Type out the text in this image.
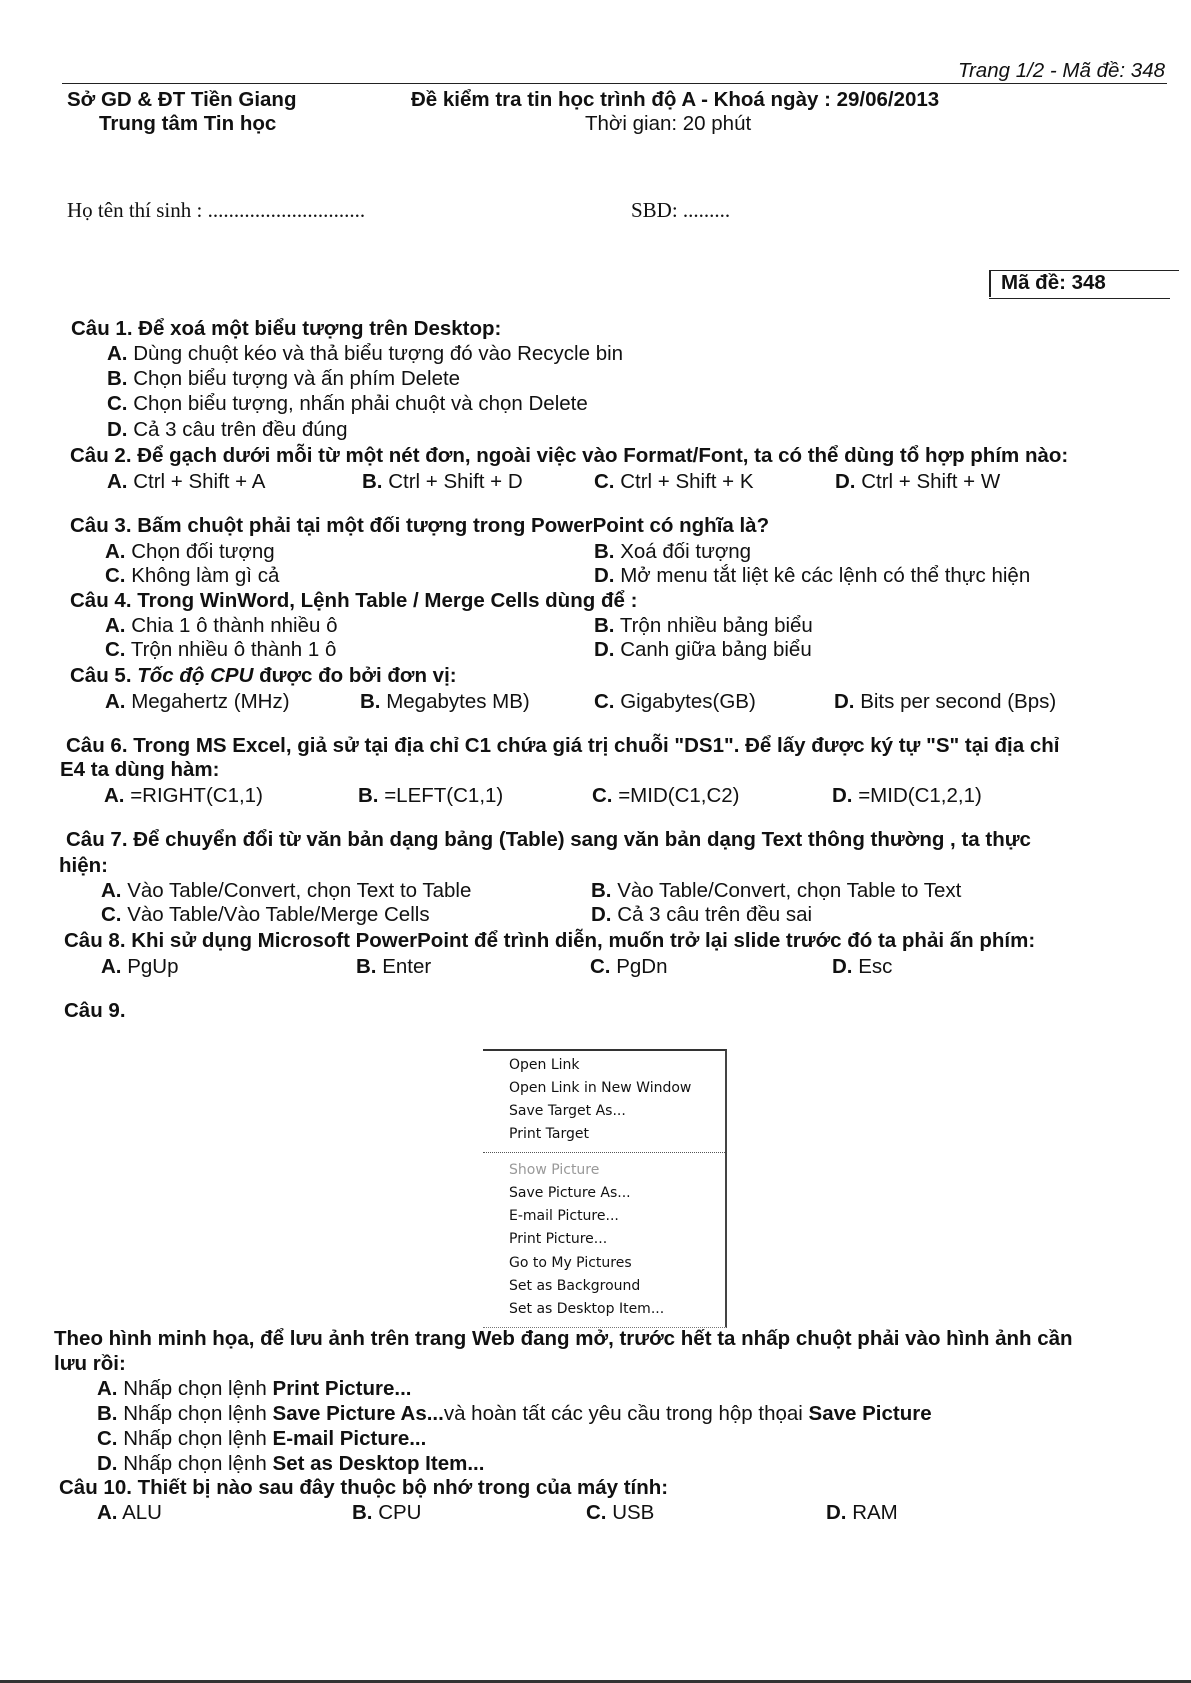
Trang 1/2 - Mã đề: 348
Sở GD & ĐT Tiền Giang
Trung tâm Tin học
Đề kiểm tra tin học trình độ A - Khoá ngày : 29/06/2013
Thời gian: 20 phút
Họ tên thí sinh : ..............................	SBD: .........
Mã đề: 348
Câu 1. Để xoá một biểu tượng trên Desktop:
A. Dùng chuột kéo và thả biểu tượng đó vào Recycle bin
B. Chọn biểu tượng và ấn phím Delete
C. Chọn biểu tượng, nhấn phải chuột và chọn Delete
D. Cả 3 câu trên đều đúng
Câu 2. Để gạch dưới mỗi từ một nét đơn, ngoài việc vào Format/Font, ta có thể dùng tổ hợp phím nào:
A. Ctrl + Shift + A	B. Ctrl + Shift + D	C. Ctrl + Shift + K	D. Ctrl + Shift + W
Câu 3. Bấm chuột phải tại một đối tượng trong PowerPoint có nghĩa là?
A. Chọn đối tượng	B. Xoá đối tượng
C. Không làm gì cả	D. Mở menu tắt liệt kê các lệnh có thể thực hiện
Câu 4. Trong WinWord, Lệnh Table / Merge Cells dùng để :
A. Chia 1 ô thành nhiều ô	B. Trộn nhiều bảng biểu
C. Trộn nhiều ô thành 1 ô	D. Canh giữa bảng biểu
Câu 5. Tốc độ CPU được đo bởi đơn vị:
A. Megahertz (MHz)	B. Megabytes MB)	C. Gigabytes(GB)	D. Bits per second (Bps)
Câu 6. Trong MS Excel, giả sử tại địa chỉ C1 chứa giá trị chuỗi "DS1". Để lấy được ký tự "S" tại địa chỉ
E4 ta dùng hàm:
A. =RIGHT(C1,1)	B. =LEFT(C1,1)	C. =MID(C1,C2)	D. =MID(C1,2,1)
Câu 7. Để chuyển đổi từ văn bản dạng bảng (Table) sang văn bản dạng Text thông thường , ta thực
hiện:
A. Vào Table/Convert, chọn Text to Table	B. Vào Table/Convert, chọn Table to Text
C. Vào Table/Vào Table/Merge Cells	D. Cả 3 câu trên đều sai
Câu 8. Khi sử dụng Microsoft PowerPoint để trình diễn, muốn trở lại slide trước đó ta phải ấn phím:
A. PgUp	B. Enter	C. PgDn	D. Esc
Câu 9.
Open Link
Open Link in New Window
Save Target As...
Print Target
Show Picture
Save Picture As...
E-mail Picture...
Print Picture...
Go to My Pictures
Set as Background
Set as Desktop Item...
Theo hình minh họa, để lưu ảnh trên trang Web đang mở, trước hết ta nhấp chuột phải vào hình ảnh cần
lưu rồi:
A. Nhấp chọn lệnh Print Picture...
B. Nhấp chọn lệnh Save Picture As...và hoàn tất các yêu cầu trong hộp thọai Save Picture
C. Nhấp chọn lệnh E-mail Picture...
D. Nhấp chọn lệnh Set as Desktop Item...
Câu 10. Thiết bị nào sau đây thuộc bộ nhớ trong của máy tính:
A. ALU	B. CPU	C. USB	D. RAM
